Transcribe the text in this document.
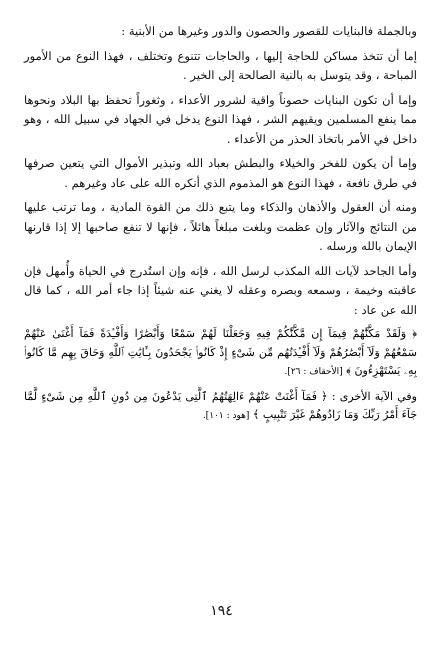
وبالجملة فالبنايات للقصور والحصون والدور وغيرها من الأبنية :

إما أن تتخذ مساكن للحاجة إليها ، والحاجات تتنوع وتختلف ، فهذا النوع من الأمور المباحة ، وقد يتوسل به بالنية الصالحة إلى الخير .

وإما أن تكون البنايات حصوناً واقية لشرور الأعداء ، وثغوراً تحفظ بها البلاد ونحوها مما ينفع المسلمين ويقيهم الشر ، فهذا النوع يدخل في الجهاد في سبيل الله ، وهو داخل في الأمر باتخاذ الحذر من الأعداء .

وإما أن يكون للفخر والخيلاء والبطش بعباد الله وتبذير الأموال التي يتعين صرفها في طرق نافعة ، فهذا النوع هو المذموم الذي أنكره الله على عاد وغيرهم .

ومنه أن العقول والأذهان والذكاء وما يتبع ذلك من القوة المادية ، وما ترتب عليها من النتائج والآثار وإن عظمت وبلغت مبلغاً هائلاً ، فإنها لا تنفع صاحبها إلا إذا قارنها الإيمان بالله ورسله .

وأما الجاحد لآيات الله المكذب لرسل الله ، فإنه وإن استُدرج في الحياة وأُمهل فإن عاقبته وخيمة ، وسمعه وبصره وعقله لا يغني عنه شيئاً إذا جاء أمر الله ، كما قال الله عن عاد :

﴿ وَلَقَدْ مَكَّنَّٰهُمْ فِيمَآ إِن مَّكَّنَّٰكُمْ فِيهِ وَجَعَلْنَا لَهُمْ سَمْعًا وَأَبْصَٰرًا وَأَفْـِٔدَةً فَمَآ أَغْنَىٰ عَنْهُمْ سَمْعُهُمْ وَلَآ أَبْصَٰرُهُمْ وَلَآ أَفْـِٔدَتُهُم مِّن شَىْءٍ إِذْ كَانُوا۟ يَجْحَدُونَ بِـَٔايَٰتِ ٱللَّهِ وَحَاقَ بِهِم مَّا كَانُوا۟ بِهِۦ يَسْتَهْزِءُونَ ﴾ [الأحقاف : ٢٦].
وفي الآية الأخرى : ﴿ فَمَآ أَغْنَتْ عَنْهُمْ ءَالِهَتُهُمُ ٱلَّتِى يَدْعُونَ مِن دُونِ ٱللَّهِ مِن شَىْءٍ لَّمَّا جَآءَ أَمْرُ رَبِّكَ وَمَا زَادُوهُمْ غَيْرَ تَتْبِيبٍ ﴾ [هود : ١٠١].
١٩٤
